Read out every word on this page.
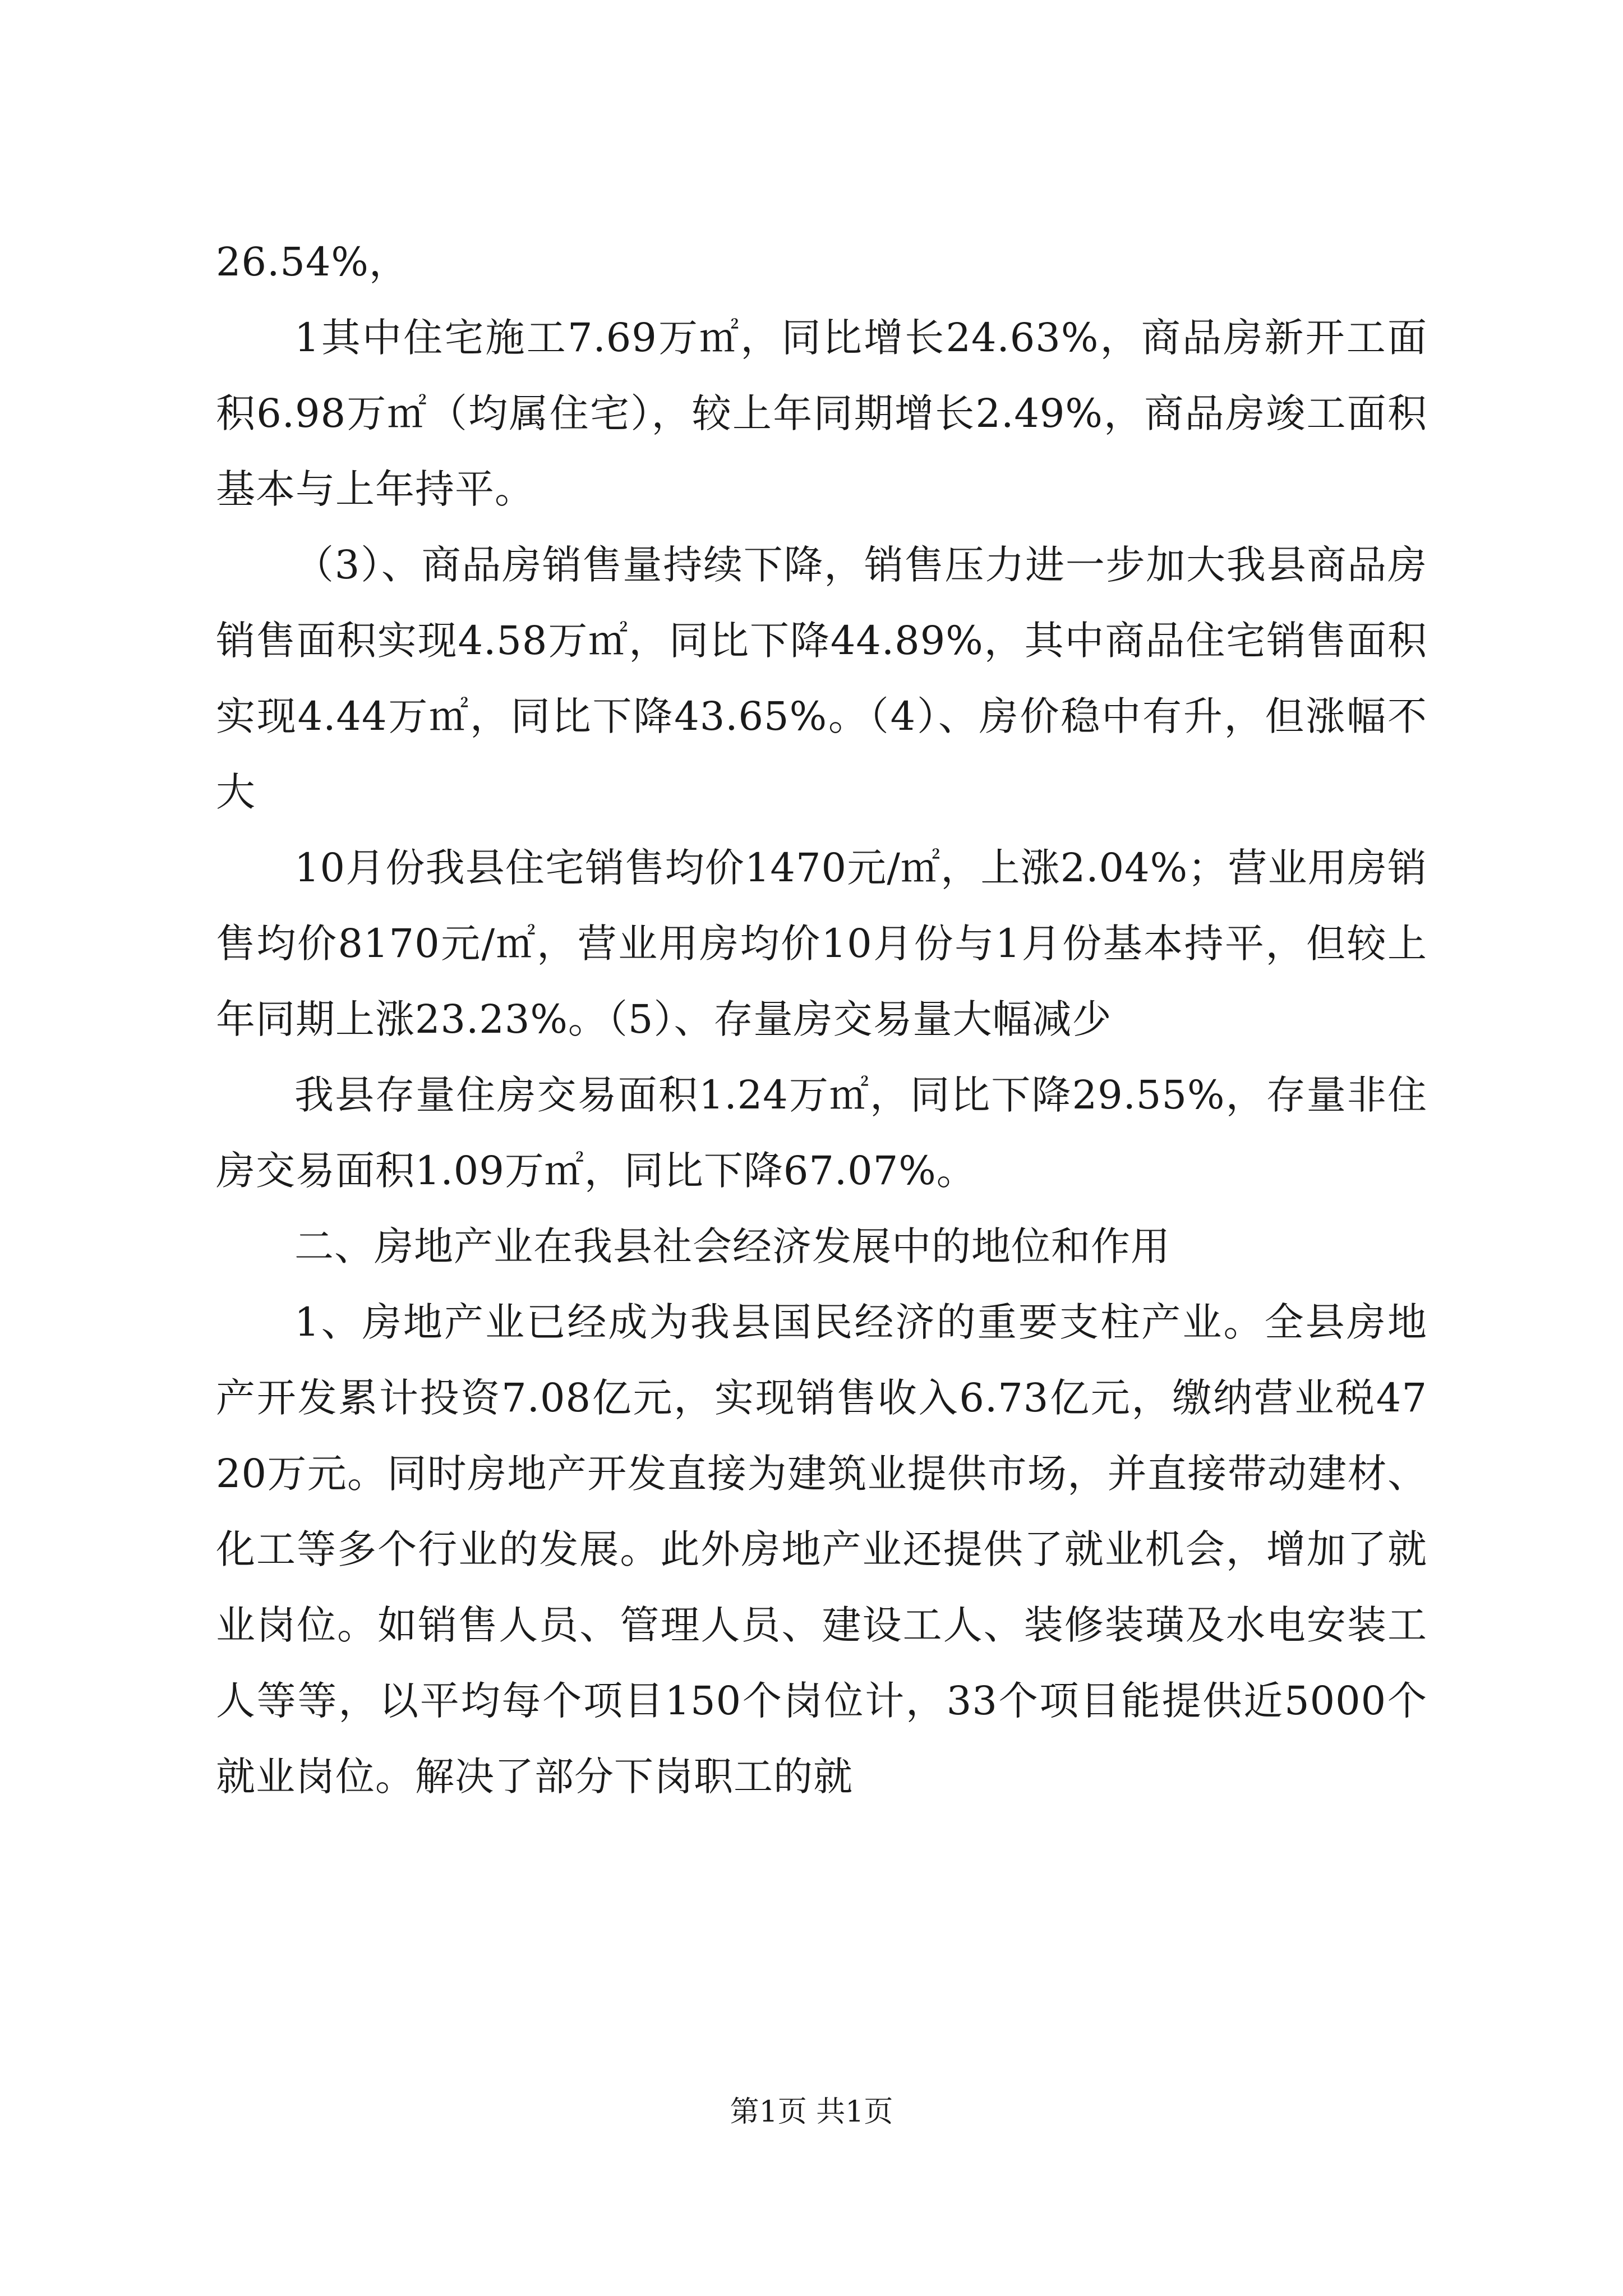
26.54%，

1其中住宅施工7.69万㎡，同比增长24.63%，商品房新开工面积6.98万㎡（均属住宅），较上年同期增长2.49%，商品房竣工面积基本与上年持平。

（3）、商品房销售量持续下降，销售压力进一步加大我县商品房销售面积实现4.58万㎡，同比下降44.89%，其中商品住宅销售面积实现4.44万㎡，同比下降43.65%。（4）、房价稳中有升，但涨幅不大

10月份我县住宅销售均价1470元/㎡，上涨2.04%；营业用房销售均价8170元/㎡，营业用房均价10月份与1月份基本持平，但较上年同期上涨23.23%。（5）、存量房交易量大幅减少

我县存量住房交易面积1.24万㎡，同比下降29.55%，存量非住房交易面积1.09万㎡，同比下降67.07%。

二、房地产业在我县社会经济发展中的地位和作用

1、房地产业已经成为我县国民经济的重要支柱产业。全县房地产开发累计投资7.08亿元，实现销售收入6.73亿元，缴纳营业税4720万元。同时房地产开发直接为建筑业提供市场，并直接带动建材、化工等多个行业的发展。此外房地产业还提供了就业机会，增加了就业岗位。如销售人员、管理人员、建设工人、装修装璜及水电安装工人等等，以平均每个项目150个岗位计，33个项目能提供近5000个就业岗位。解决了部分下岗职工的就

第1页 共1页
